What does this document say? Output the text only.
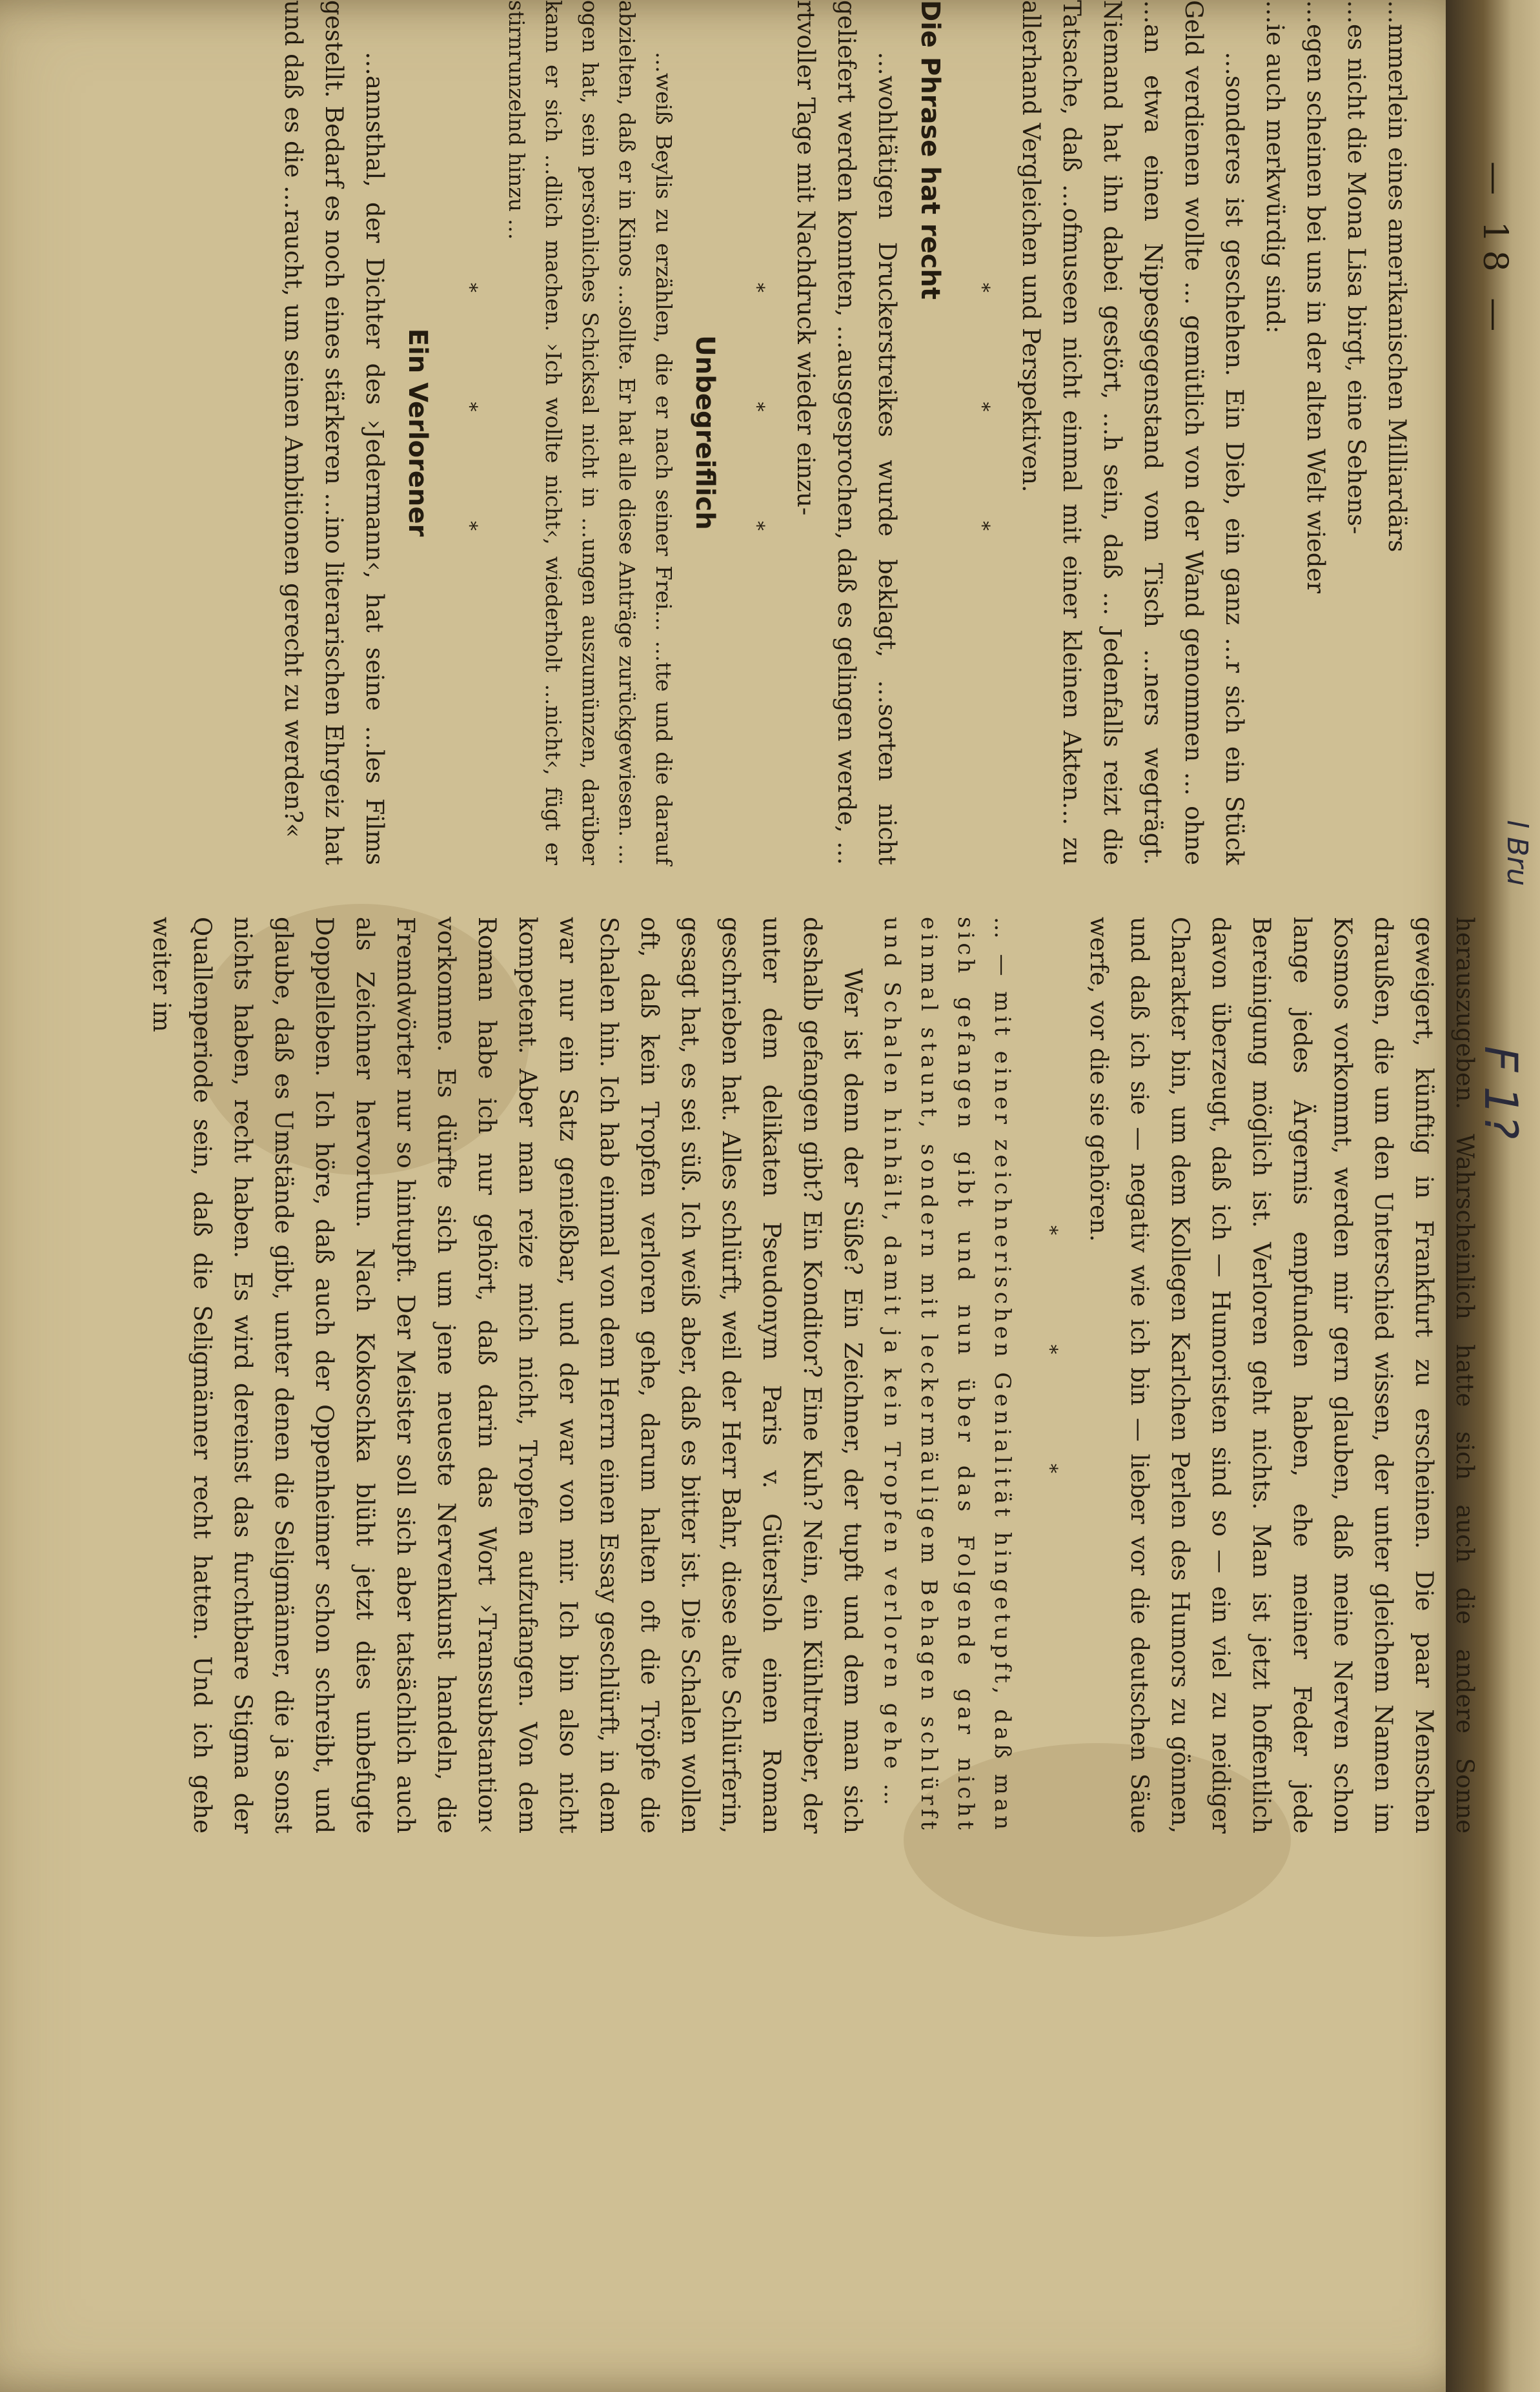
— 18 —

…mmerlein eines amerikanischen Milliardärs

…es nicht die Mona Lisa birgt, eine Sehens-

…egen scheinen bei uns in der alten Welt wieder

…ie auch merkwürdig sind:

…sonderes ist geschehen. Ein Dieb, ein ganz …r sich ein Stück Geld verdienen wollte … gemütlich von der Wand genommen … ohne …an etwa einen Nippesgegenstand vom Tisch …ners wegträgt. Niemand hat ihn dabei gestört, …h sein, daß … Jedenfalls reizt die Tatsache, daß …ofmuseen nicht einmal mit einer kleinen Akten… zu allerhand Vergleichen und Perspektiven.

* * *

Die Phrase hat recht

…wohltätigen Druckerstreikes wurde beklagt, …sorten nicht geliefert werden konnten, …ausgesprochen, daß es gelingen werde, …rtvoller Tage mit Nachdruck wieder einzu-

* * *

Unbegreiflich

…weiß Beylis zu erzählen, die er nach seiner Frei… …tte und die darauf abzielten, daß er in Kinos …sollte. Er hat alle diese Anträge zurückgewiesen. …ogen hat, sein persönliches Schicksal nicht in …ungen auszumünzen, darüber kann er sich …dlich machen. ›Ich wollte nicht‹, wiederholt …nicht‹, fügt er stirnrunzelnd hinzu …

* * *

Ein Verlorener

…annsthal, der Dichter des ›Jedermann‹, hat seine …les Films gestellt. Bedarf es noch eines stärkeren …ino literarischen Ehrgeiz hat und daß es die …raucht, um seinen Ambitionen gerecht zu werden?«

herauszugeben. Wahrscheinlich hatte sich auch die andere Sonne geweigert, künftig in Frankfurt zu erscheinen. Die paar Menschen draußen, die um den Unterschied wissen, der unter gleichem Namen im Kosmos vorkommt, werden mir gern glauben, daß meine Nerven schon lange jedes Ärgernis empfunden haben, ehe meiner Feder jede Bereinigung möglich ist. Verloren geht nichts. Man ist jetzt hoffentlich davon überzeugt, daß ich — Humoristen sind so — ein viel zu neidiger Charakter bin, um dem Kollegen Karlchen Perlen des Humors zu gönnen, und daß ich sie — negativ wie ich bin — lieber vor die deutschen Säue werfe, vor die sie gehören.

* * *

… — mit einer zeichnerischen Genialität hingetupft, daß man sich gefangen gibt und nun über das Folgende gar nicht einmal staunt, sondern mit leckermäuligem Behagen schlürft und Schalen hinhält, damit ja kein Tropfen verloren gehe …

Wer ist denn der Süße? Ein Zeichner, der tupft und dem man sich deshalb gefangen gibt? Ein Konditor? Eine Kuh? Nein, ein Kühltreiber, der unter dem delikaten Pseudonym Paris v. Gütersloh einen Roman geschrieben hat. Alles schlürft, weil der Herr Bahr, diese alte Schlürferin, gesagt hat, es sei süß. Ich weiß aber, daß es bitter ist. Die Schalen wollen oft, daß kein Tropfen verloren gehe, darum halten oft die Tröpfe die Schalen hin. Ich hab einmal von dem Herrn einen Essay geschlürft, in dem war nur ein Satz genießbar, und der war von mir. Ich bin also nicht kompetent. Aber man reize mich nicht, Tropfen aufzufangen. Von dem Roman habe ich nur gehört, daß darin das Wort ›Transsubstantion‹ vorkomme. Es dürfte sich um jene neueste Nervenkunst handeln, die Fremdwörter nur so hintupft. Der Meister soll sich aber tatsächlich auch als Zeichner hervortun. Nach Kokoschka blüht jetzt dies unbefugte Doppelleben. Ich höre, daß auch der Oppenheimer schon schreibt, und glaube, daß es Umstände gibt, unter denen die Seligmänner, die ja sonst nichts haben, recht haben. Es wird dereinst das furchtbare Stigma der Quallenperiode sein, daß die Seligmänner recht hatten. Und ich gehe weiter im

l Bru
F 1?
